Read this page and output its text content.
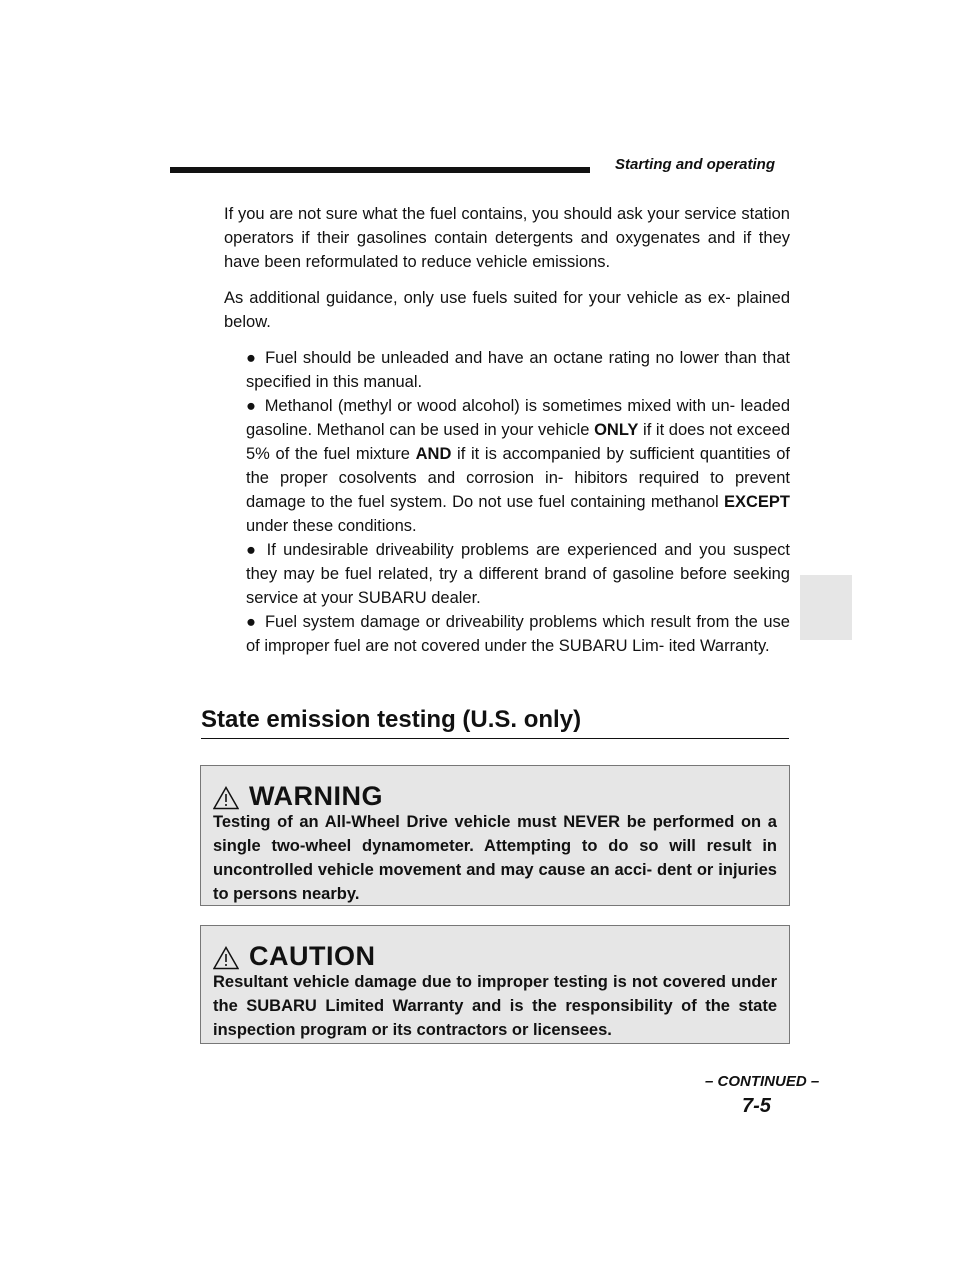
Starting and operating

If you are not sure what the fuel contains, you should ask your service station operators if their gasolines contain detergents and oxygenates and if they have been reformulated to reduce vehicle emissions.

As additional guidance, only use fuels suited for your vehicle as ex- plained below.

● Fuel should be unleaded and have an octane rating no lower than that specified in this manual.
● Methanol (methyl or wood alcohol) is sometimes mixed with un- leaded gasoline. Methanol can be used in your vehicle ONLY if it does not exceed 5% of the fuel mixture AND if it is accompanied by sufficient quantities of the proper cosolvents and corrosion in- hibitors required to prevent damage to the fuel system. Do not use fuel containing methanol EXCEPT under these conditions.
● If undesirable driveability problems are experienced and you suspect they may be fuel related, try a different brand of gasoline before seeking service at your SUBARU dealer.
● Fuel system damage or driveability problems which result from the use of improper fuel are not covered under the SUBARU Lim- ited Warranty.
State emission testing (U.S. only)
WARNING
Testing of an All-Wheel Drive vehicle must NEVER be performed on a single two-wheel dynamometer. Attempting to do so will result in uncontrolled vehicle movement and may cause an acci- dent or injuries to persons nearby.
CAUTION
Resultant vehicle damage due to improper testing is not covered under the SUBARU Limited Warranty and is the responsibility of the state inspection program or its contractors or licensees.
– CONTINUED –
7-5
